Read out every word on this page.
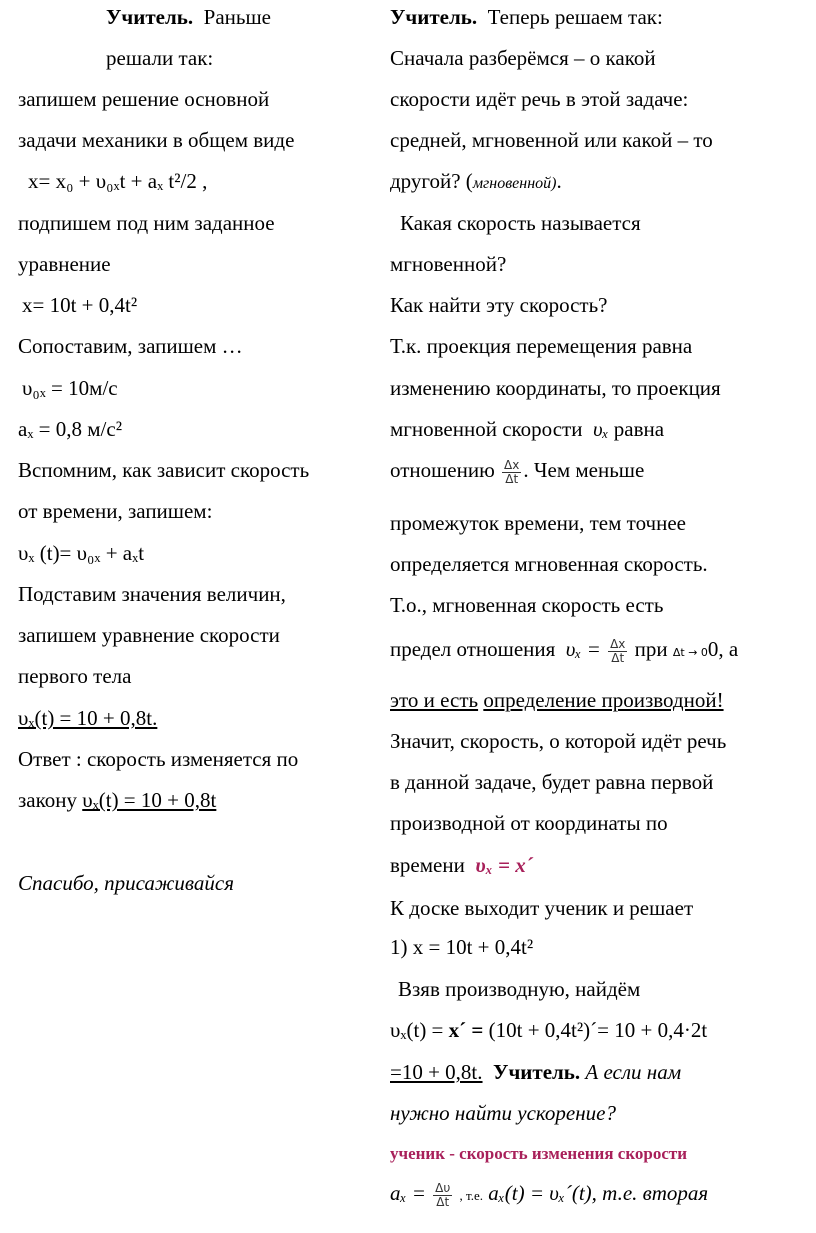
Учитель. Раньше
решали так:
запишем решение основной
задачи механики в общем виде
x= x₀ + υ₀ₓt + aₓ t²/2 ,
подпишем под ним заданное
уравнение
x= 10t + 0,4t²
Сопоставим, запишем …
υ₀ₓ = 10м/с
aₓ = 0,8 м/с²
Вспомним, как зависит скорость
от времени, запишем:
υₓ (t)= υ₀ₓ + aₓt
Подставим значения величин,
запишем уравнение скорости
первого тела
υₓ(t) = 10 + 0,8t.
Ответ : скорость изменяется по
закону υₓ(t) = 10 + 0,8t
Спасибо, присаживайся
Учитель. Теперь решаем так:
Сначала разберёмся – о какой
скорости идёт речь в этой задаче:
средней, мгновенной или какой – то
другой? (мгновенной).
Какая скорость называется
мгновенной?
Как найти эту скорость?
Т.к. проекция перемещения равна
изменению координаты, то проекция
мгновенной скорости υₓ равна
отношению $\frac{\Delta x}{\Delta t}$ . Чем меньше
промежуток времени, тем точнее
определяется мгновенная скорость.
Т.о., мгновенная скорость есть
предел отношения $\upsilon_x = \frac{\Delta x}{\Delta t}$ при Δt → 00, а
это и есть определение производной!
Значит, скорость, о которой идёт речь
в данной задаче, будет равна первой
производной от координаты по
времени υₓ = x´
К доске выходит ученик и решает
1) x = 10t + 0,4t²
Взяв производную, найдём
υₓ(t) = x´ = (10t + 0,4t²)´= 10 + 0,4·2t
=10 + 0,8t. Учитель. А если нам
нужно найти ускорение?
ученик - скорость изменения скорости
$a_x = \frac{\Delta\upsilon}{\Delta t}$ , т.е. aₓ(t) = υₓ´(t), т.е. вторая
